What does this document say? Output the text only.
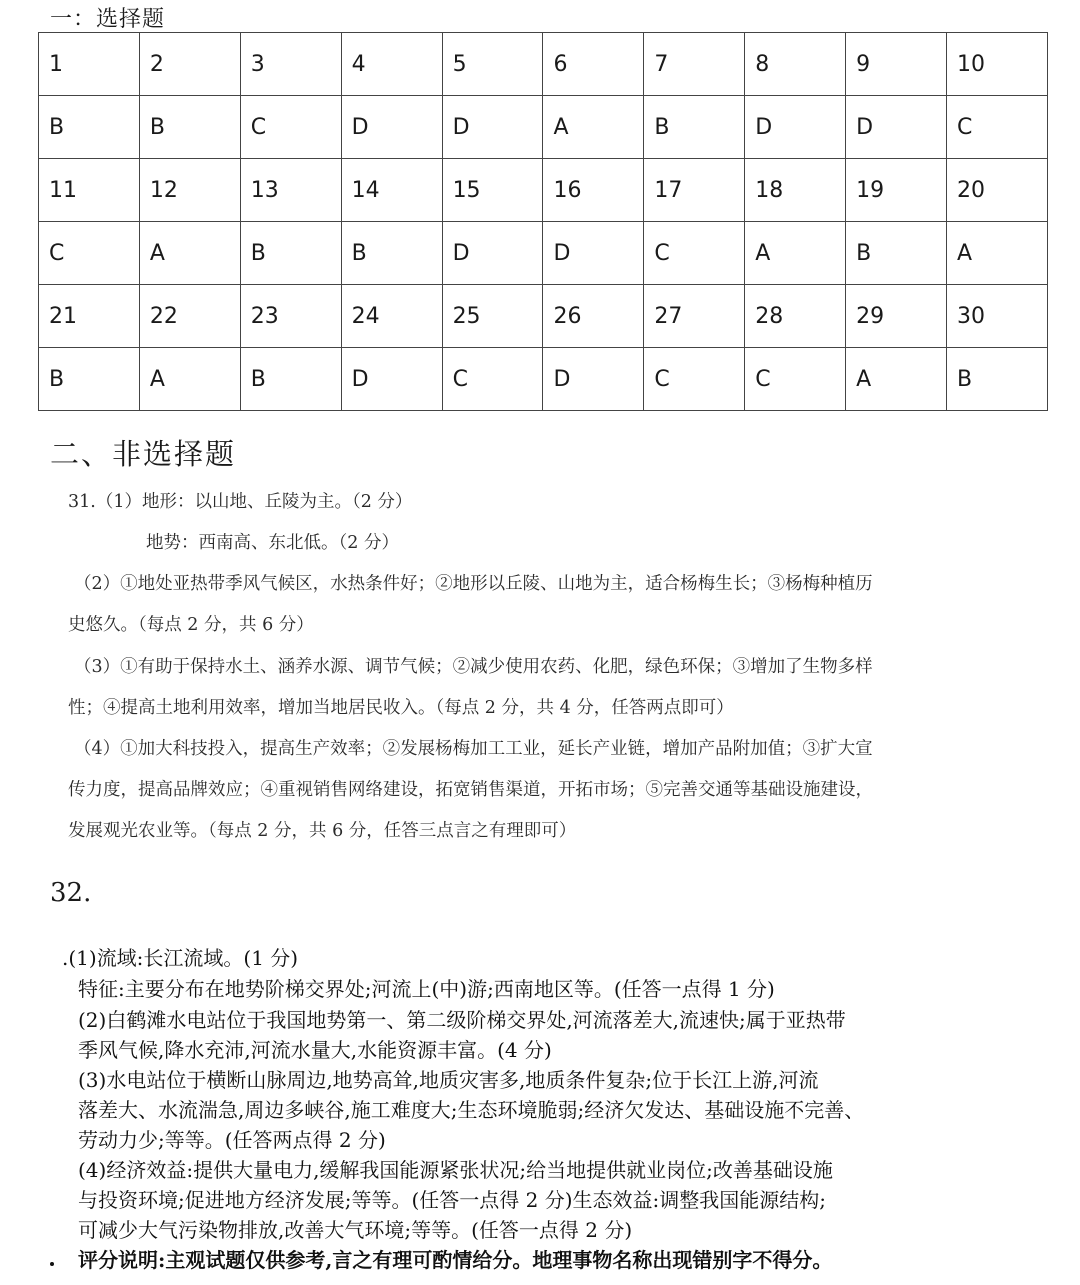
一：选择题
1	2	3	4	5	6	7	8	9	10
B	B	C	D	D	A	B	D	D	C
11	12	13	14	15	16	17	18	19	20
C	A	B	B	D	D	C	A	B	A
21	22	23	24	25	26	27	28	29	30
B	A	B	D	C	D	C	C	A	B
二、非选择题
31.（1）地形：以山地、丘陵为主。（2 分）
地势：西南高、东北低。（2 分）
（2）①地处亚热带季风气候区，水热条件好；②地形以丘陵、山地为主，适合杨梅生长；③杨梅种植历
史悠久。（每点 2 分，共 6 分）
（3）①有助于保持水土、涵养水源、调节气候；②减少使用农药、化肥，绿色环保；③增加了生物多样
性；④提高土地利用效率，增加当地居民收入。（每点 2 分，共 4 分，任答两点即可）
（4）①加大科技投入，提高生产效率；②发展杨梅加工工业，延长产业链，增加产品附加值；③扩大宣
传力度，提高品牌效应；④重视销售网络建设，拓宽销售渠道，开拓市场；⑤完善交通等基础设施建设，
发展观光农业等。（每点 2 分，共 6 分，任答三点言之有理即可）
32.
.(1)流域:长江流域。(1 分)
特征:主要分布在地势阶梯交界处;河流上(中)游;西南地区等。(任答一点得 1 分)
(2)白鹤滩水电站位于我国地势第一、第二级阶梯交界处,河流落差大,流速快;属于亚热带
季风气候,降水充沛,河流水量大,水能资源丰富。(4 分)
(3)水电站位于横断山脉周边,地势高耸,地质灾害多,地质条件复杂;位于长江上游,河流
落差大、水流湍急,周边多峡谷,施工难度大;生态环境脆弱;经济欠发达、基础设施不完善、
劳动力少;等等。(任答两点得 2 分)
(4)经济效益:提供大量电力,缓解我国能源紧张状况;给当地提供就业岗位;改善基础设施
与投资环境;促进地方经济发展;等等。(任答一点得 2 分)生态效益:调整我国能源结构;
可减少大气污染物排放,改善大气环境;等等。(任答一点得 2 分)
评分说明:主观试题仅供参考,言之有理可酌情给分。地理事物名称出现错别字不得分。
